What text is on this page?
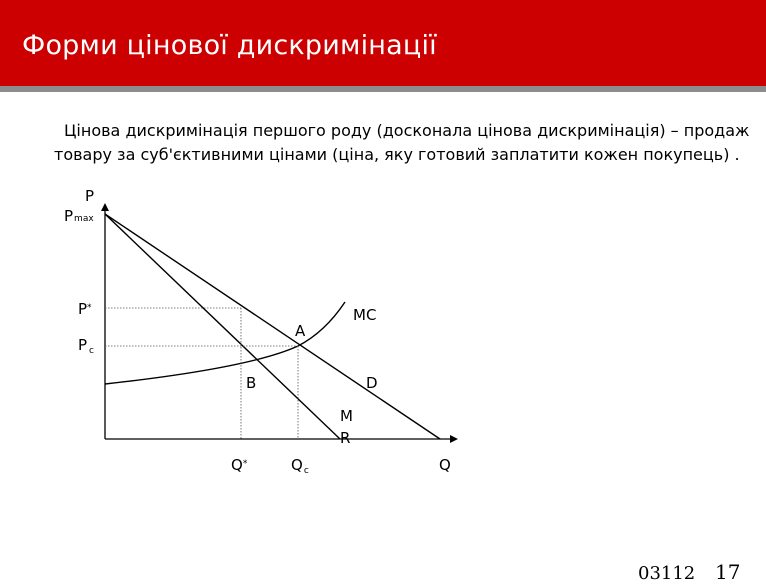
Форми цінової дискримінації

Цінова дискримінація першого роду (досконала цінова дискримінація) – продаж товару за суб'єктивними цінами (ціна, яку готовий заплатити кожен покупець) .

P
Pmax
P*
P $_c$
Q
Q*	$Q_c$
MC
D
M
R
A
B
03112 17
